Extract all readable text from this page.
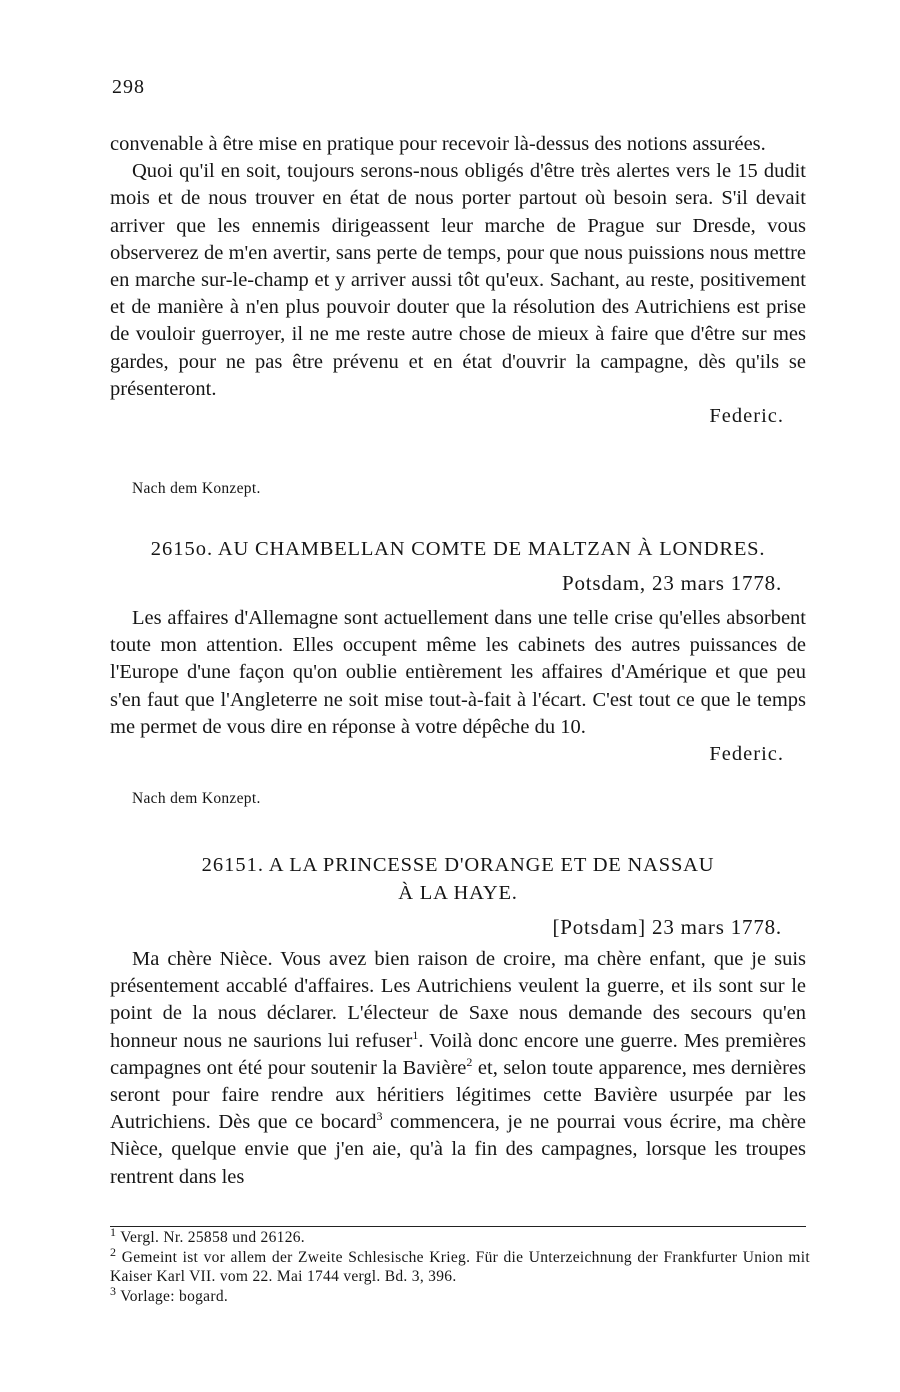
298

convenable à être mise en pratique pour recevoir là-dessus des notions assurées.

Quoi qu'il en soit, toujours serons-nous obligés d'être très alertes vers le 15 dudit mois et de nous trouver en état de nous porter partout où besoin sera. S'il devait arriver que les ennemis dirigeassent leur marche de Prague sur Dresde, vous observerez de m'en avertir, sans perte de temps, pour que nous puissions nous mettre en marche sur-le-champ et y arriver aussi tôt qu'eux. Sachant, au reste, positivement et de manière à n'en plus pouvoir douter que la résolution des Autrichiens est prise de vouloir guerroyer, il ne me reste autre chose de mieux à faire que d'être sur mes gardes, pour ne pas être prévenu et en état d'ouvrir la campagne, dès qu'ils se présenteront.

Federic.
Nach dem Konzept.
2615o. AU CHAMBELLAN COMTE DE MALTZAN À LONDRES.
Potsdam, 23 mars 1778.

Les affaires d'Allemagne sont actuellement dans une telle crise qu'elles absorbent toute mon attention. Elles occupent même les cabinets des autres puissances de l'Europe d'une façon qu'on oublie entièrement les affaires d'Amérique et que peu s'en faut que l'Angleterre ne soit mise tout-à-fait à l'écart. C'est tout ce que le temps me permet de vous dire en réponse à votre dépêche du 10.

Federic.
Nach dem Konzept.
26151. A LA PRINCESSE D'ORANGE ET DE NASSAU
À LA HAYE.
[Potsdam] 23 mars 1778.

Ma chère Nièce. Vous avez bien raison de croire, ma chère enfant, que je suis présentement accablé d'affaires. Les Autrichiens veulent la guerre, et ils sont sur le point de la nous déclarer. L'électeur de Saxe nous demande des secours qu'en honneur nous ne saurions lui refuser$^1$. Voilà donc encore une guerre. Mes premières campagnes ont été pour soutenir la Bavière$^2$ et, selon toute apparence, mes dernières seront pour faire rendre aux héritiers légitimes cette Bavière usurpée par les Autrichiens. Dès que ce bocard$^3$ commencera, je ne pourrai vous écrire, ma chère Nièce, quelque envie que j'en aie, qu'à la fin des campagnes, lorsque les troupes rentrent dans les

$^1$ Vergl. Nr. 25858 und 26126.

$^2$ Gemeint ist vor allem der Zweite Schlesische Krieg. Für die Unterzeichnung der Frankfurter Union mit Kaiser Karl VII. vom 22. Mai 1744 vergl. Bd. 3, 396.

$^3$ Vorlage: bogard.
